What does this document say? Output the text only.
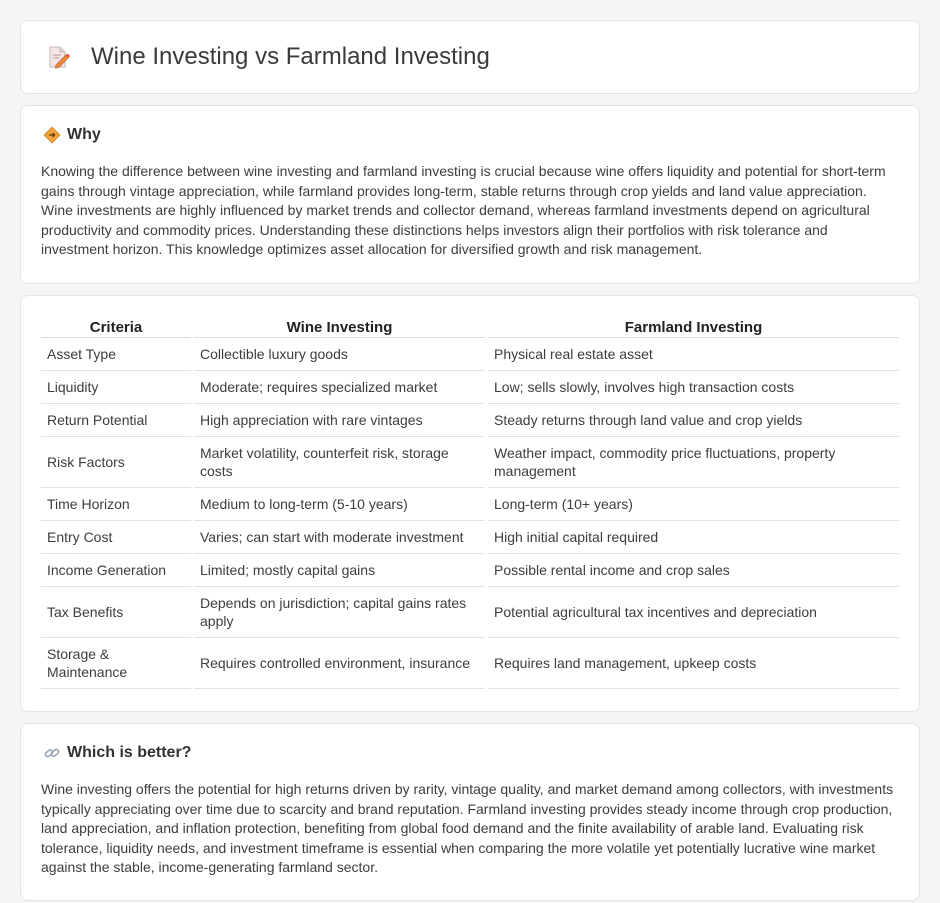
Wine Investing vs Farmland Investing
Why

Knowing the difference between wine investing and farmland investing is crucial because wine offers liquidity and potential for short-term gains through vintage appreciation, while farmland provides long-term, stable returns through crop yields and land value appreciation. Wine investments are highly influenced by market trends and collector demand, whereas farmland investments depend on agricultural productivity and commodity prices. Understanding these distinctions helps investors align their portfolios with risk tolerance and investment horizon. This knowledge optimizes asset allocation for diversified growth and risk management.

Criteria	Wine Investing	Farmland Investing
Asset Type	Collectible luxury goods	Physical real estate asset
Liquidity	Moderate; requires specialized market	Low; sells slowly, involves high transaction costs
Return Potential	High appreciation with rare vintages	Steady returns through land value and crop yields
Risk Factors	Market volatility, counterfeit risk, storage costs	Weather impact, commodity price fluctuations, property management
Time Horizon	Medium to long-term (5-10 years)	Long-term (10+ years)
Entry Cost	Varies; can start with moderate investment	High initial capital required
Income Generation	Limited; mostly capital gains	Possible rental income and crop sales
Tax Benefits	Depends on jurisdiction; capital gains rates apply	Potential agricultural tax incentives and depreciation
Storage & Maintenance	Requires controlled environment, insurance	Requires land management, upkeep costs
Which is better?

Wine investing offers the potential for high returns driven by rarity, vintage quality, and market demand among collectors, with investments typically appreciating over time due to scarcity and brand reputation. Farmland investing provides steady income through crop production, land appreciation, and inflation protection, benefiting from global food demand and the finite availability of arable land. Evaluating risk tolerance, liquidity needs, and investment timeframe is essential when comparing the more volatile yet potentially lucrative wine market against the stable, income-generating farmland sector.
